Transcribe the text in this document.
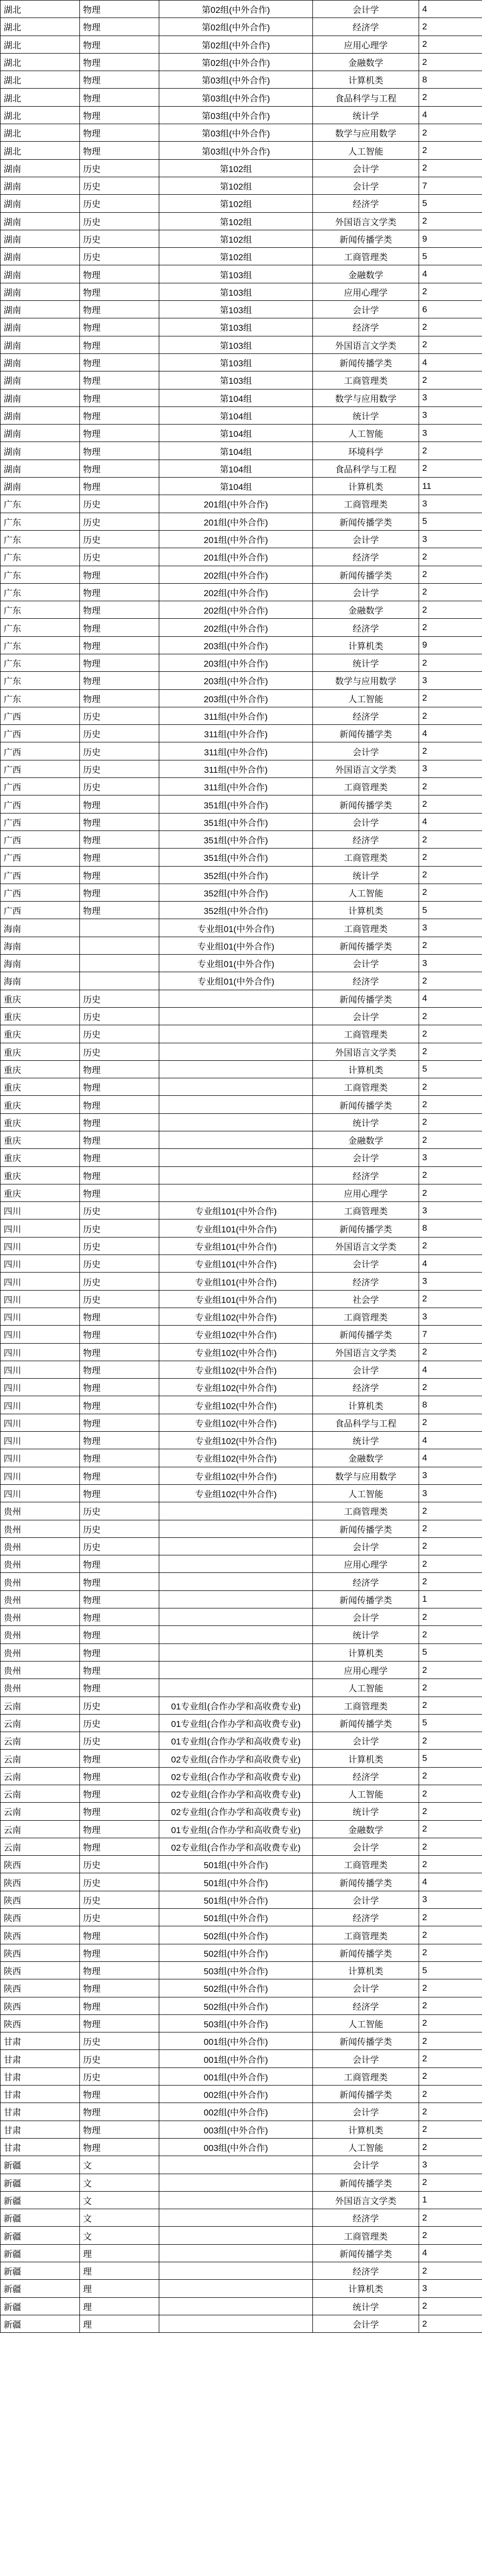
湖北	物理	第02组(中外合作)	会计学	4
湖北	物理	第02组(中外合作)	经济学	2
湖北	物理	第02组(中外合作)	应用心理学	2
湖北	物理	第02组(中外合作)	金融数学	2
湖北	物理	第03组(中外合作)	计算机类	8
湖北	物理	第03组(中外合作)	食品科学与工程	2
湖北	物理	第03组(中外合作)	统计学	4
湖北	物理	第03组(中外合作)	数学与应用数学	2
湖北	物理	第03组(中外合作)	人工智能	2
湖南	历史	第102组	会计学	2
湖南	历史	第102组	会计学	7
湖南	历史	第102组	经济学	5
湖南	历史	第102组	外国语言文学类	2
湖南	历史	第102组	新闻传播学类	9
湖南	历史	第102组	工商管理类	5
湖南	物理	第103组	金融数学	4
湖南	物理	第103组	应用心理学	2
湖南	物理	第103组	会计学	6
湖南	物理	第103组	经济学	2
湖南	物理	第103组	外国语言文学类	2
湖南	物理	第103组	新闻传播学类	4
湖南	物理	第103组	工商管理类	2
湖南	物理	第104组	数学与应用数学	3
湖南	物理	第104组	统计学	3
湖南	物理	第104组	人工智能	3
湖南	物理	第104组	环境科学	2
湖南	物理	第104组	食品科学与工程	2
湖南	物理	第104组	计算机类	11
广东	历史	201组(中外合作)	工商管理类	3
广东	历史	201组(中外合作)	新闻传播学类	5
广东	历史	201组(中外合作)	会计学	3
广东	历史	201组(中外合作)	经济学	2
广东	物理	202组(中外合作)	新闻传播学类	2
广东	物理	202组(中外合作)	会计学	2
广东	物理	202组(中外合作)	金融数学	2
广东	物理	202组(中外合作)	经济学	2
广东	物理	203组(中外合作)	计算机类	9
广东	物理	203组(中外合作)	统计学	2
广东	物理	203组(中外合作)	数学与应用数学	3
广东	物理	203组(中外合作)	人工智能	2
广西	历史	311组(中外合作)	经济学	2
广西	历史	311组(中外合作)	新闻传播学类	4
广西	历史	311组(中外合作)	会计学	2
广西	历史	311组(中外合作)	外国语言文学类	3
广西	历史	311组(中外合作)	工商管理类	2
广西	物理	351组(中外合作)	新闻传播学类	2
广西	物理	351组(中外合作)	会计学	4
广西	物理	351组(中外合作)	经济学	2
广西	物理	351组(中外合作)	工商管理类	2
广西	物理	352组(中外合作)	统计学	2
广西	物理	352组(中外合作)	人工智能	2
广西	物理	352组(中外合作)	计算机类	5
海南		专业组01(中外合作)	工商管理类	3
海南		专业组01(中外合作)	新闻传播学类	2
海南		专业组01(中外合作)	会计学	3
海南		专业组01(中外合作)	经济学	2
重庆	历史		新闻传播学类	4
重庆	历史		会计学	2
重庆	历史		工商管理类	2
重庆	历史		外国语言文学类	2
重庆	物理		计算机类	5
重庆	物理		工商管理类	2
重庆	物理		新闻传播学类	2
重庆	物理		统计学	2
重庆	物理		金融数学	2
重庆	物理		会计学	3
重庆	物理		经济学	2
重庆	物理		应用心理学	2
四川	历史	专业组101(中外合作)	工商管理类	3
四川	历史	专业组101(中外合作)	新闻传播学类	8
四川	历史	专业组101(中外合作)	外国语言文学类	2
四川	历史	专业组101(中外合作)	会计学	4
四川	历史	专业组101(中外合作)	经济学	3
四川	历史	专业组101(中外合作)	社会学	2
四川	物理	专业组102(中外合作)	工商管理类	3
四川	物理	专业组102(中外合作)	新闻传播学类	7
四川	物理	专业组102(中外合作)	外国语言文学类	2
四川	物理	专业组102(中外合作)	会计学	4
四川	物理	专业组102(中外合作)	经济学	2
四川	物理	专业组102(中外合作)	计算机类	8
四川	物理	专业组102(中外合作)	食品科学与工程	2
四川	物理	专业组102(中外合作)	统计学	4
四川	物理	专业组102(中外合作)	金融数学	4
四川	物理	专业组102(中外合作)	数学与应用数学	3
四川	物理	专业组102(中外合作)	人工智能	3
贵州	历史		工商管理类	2
贵州	历史		新闻传播学类	2
贵州	历史		会计学	2
贵州	物理		应用心理学	2
贵州	物理		经济学	2
贵州	物理		新闻传播学类	1
贵州	物理		会计学	2
贵州	物理		统计学	2
贵州	物理		计算机类	5
贵州	物理		应用心理学	2
贵州	物理		人工智能	2
云南	历史	01专业组(合作办学和高收费专业)	工商管理类	2
云南	历史	01专业组(合作办学和高收费专业)	新闻传播学类	5
云南	历史	01专业组(合作办学和高收费专业)	会计学	2
云南	物理	02专业组(合作办学和高收费专业)	计算机类	5
云南	物理	02专业组(合作办学和高收费专业)	经济学	2
云南	物理	02专业组(合作办学和高收费专业)	人工智能	2
云南	物理	02专业组(合作办学和高收费专业)	统计学	2
云南	物理	01专业组(合作办学和高收费专业)	金融数学	2
云南	物理	02专业组(合作办学和高收费专业)	会计学	2
陕西	历史	501组(中外合作)	工商管理类	2
陕西	历史	501组(中外合作)	新闻传播学类	4
陕西	历史	501组(中外合作)	会计学	3
陕西	历史	501组(中外合作)	经济学	2
陕西	物理	502组(中外合作)	工商管理类	2
陕西	物理	502组(中外合作)	新闻传播学类	2
陕西	物理	503组(中外合作)	计算机类	5
陕西	物理	502组(中外合作)	会计学	2
陕西	物理	502组(中外合作)	经济学	2
陕西	物理	503组(中外合作)	人工智能	2
甘肃	历史	001组(中外合作)	新闻传播学类	2
甘肃	历史	001组(中外合作)	会计学	2
甘肃	历史	001组(中外合作)	工商管理类	2
甘肃	物理	002组(中外合作)	新闻传播学类	2
甘肃	物理	002组(中外合作)	会计学	2
甘肃	物理	003组(中外合作)	计算机类	2
甘肃	物理	003组(中外合作)	人工智能	2
新疆	文		会计学	3
新疆	文		新闻传播学类	2
新疆	文		外国语言文学类	1
新疆	文		经济学	2
新疆	文		工商管理类	2
新疆	理		新闻传播学类	4
新疆	理		经济学	2
新疆	理		计算机类	3
新疆	理		统计学	2
新疆	理		会计学	2
